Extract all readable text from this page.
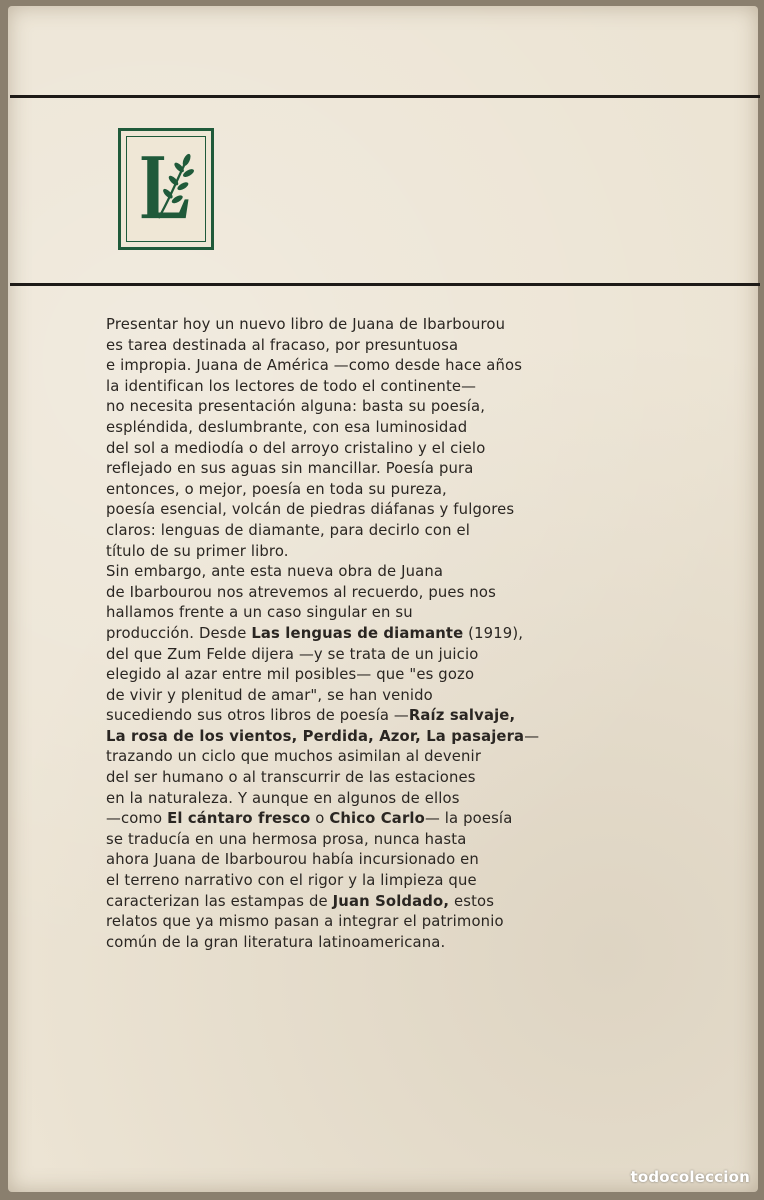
Presentar hoy un nuevo libro de Juana de Ibarbourou
es tarea destinada al fracaso, por presuntuosa
e impropia. Juana de América —como desde hace años
la identifican los lectores de todo el continente—
no necesita presentación alguna: basta su poesía,
espléndida, deslumbrante, con esa luminosidad
del sol a mediodía o del arroyo cristalino y el cielo
reflejado en sus aguas sin mancillar. Poesía pura
entonces, o mejor, poesía en toda su pureza,
poesía esencial, volcán de piedras diáfanas y fulgores
claros: lenguas de diamante, para decirlo con el
título de su primer libro.
Sin embargo, ante esta nueva obra de Juana
de Ibarbourou nos atrevemos al recuerdo, pues nos
hallamos frente a un caso singular en su
producción. Desde Las lenguas de diamante (1919),
del que Zum Felde dijera —y se trata de un juicio
elegido al azar entre mil posibles— que "es gozo
de vivir y plenitud de amar", se han venido
sucediendo sus otros libros de poesía —Raíz salvaje,
La rosa de los vientos, Perdida, Azor, La pasajera—
trazando un ciclo que muchos asimilan al devenir
del ser humano o al transcurrir de las estaciones
en la naturaleza. Y aunque en algunos de ellos
—como El cántaro fresco o Chico Carlo— la poesía
se traducía en una hermosa prosa, nunca hasta
ahora Juana de Ibarbourou había incursionado en
el terreno narrativo con el rigor y la limpieza que
caracterizan las estampas de Juan Soldado, estos
relatos que ya mismo pasan a integrar el patrimonio
común de la gran literatura latinoamericana.
todocoleccion
